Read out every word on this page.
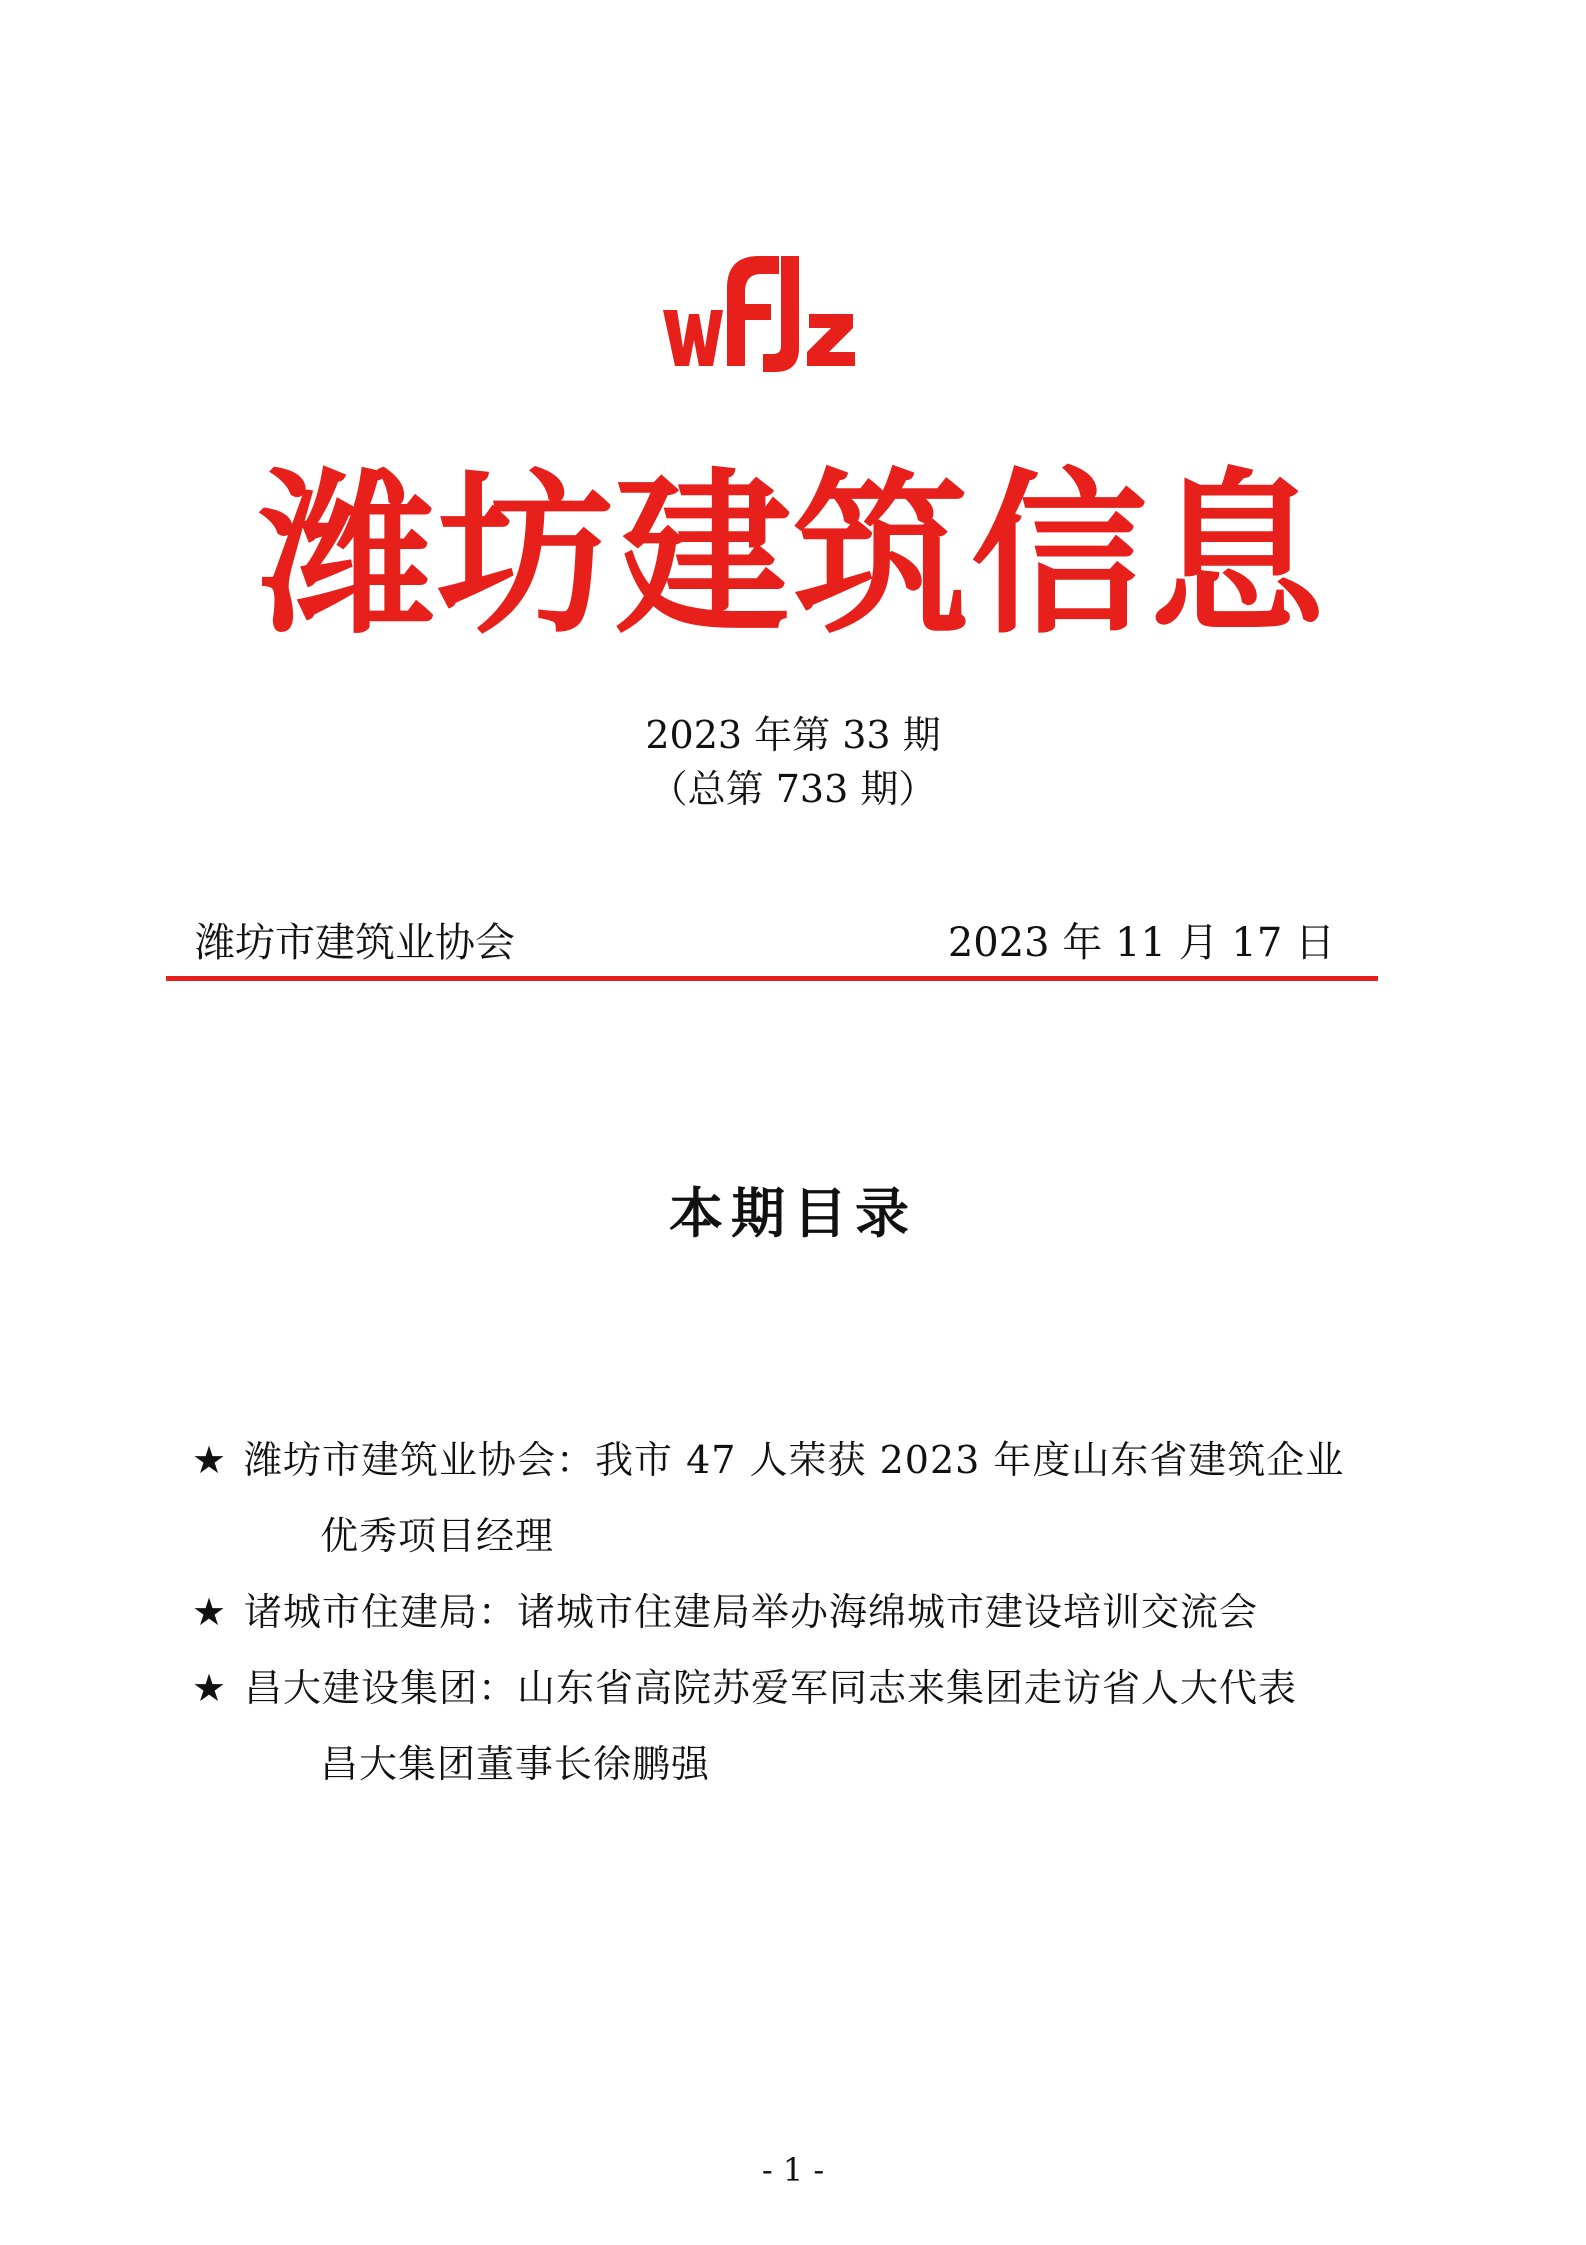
wFJz
潍坊建筑信息
2023 年第 33 期
（总第 733 期）
潍坊市建筑业协会	2023 年 11 月 17 日
本期目录
★ 潍坊市建筑业协会：我市 47 人荣获 2023 年度山东省建筑企业
优秀项目经理
★ 诸城市住建局：诸城市住建局举办海绵城市建设培训交流会
★ 昌大建设集团：山东省高院苏爱军同志来集团走访省人大代表
昌大集团董事长徐鹏强
- 1 -
